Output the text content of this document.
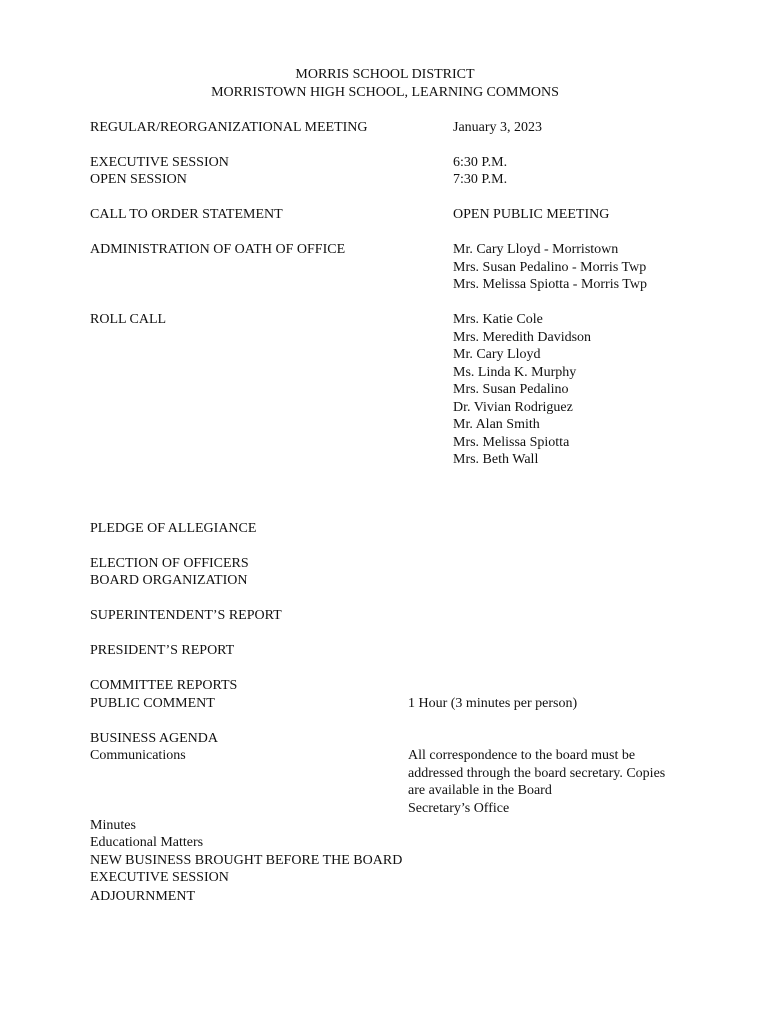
MORRIS SCHOOL DISTRICT
MORRISTOWN HIGH SCHOOL, LEARNING COMMONS
REGULAR/REORGANIZATIONAL MEETING	January 3, 2023
EXECUTIVE SESSION	6:30 P.M.
OPEN SESSION	7:30 P.M.
CALL TO ORDER STATEMENT	OPEN PUBLIC MEETING
ADMINISTRATION OF OATH OF OFFICE	Mr. Cary Lloyd - Morristown
Mrs. Susan Pedalino - Morris Twp
Mrs. Melissa Spiotta - Morris Twp
ROLL CALL	Mrs. Katie Cole
Mrs. Meredith Davidson
Mr. Cary Lloyd
Ms. Linda K. Murphy
Mrs. Susan Pedalino
Dr. Vivian Rodriguez
Mr. Alan Smith
Mrs. Melissa Spiotta
Mrs. Beth Wall
PLEDGE OF ALLEGIANCE
ELECTION OF OFFICERS
BOARD ORGANIZATION
SUPERINTENDENT’S REPORT
PRESIDENT’S REPORT
COMMITTEE REPORTS
PUBLIC COMMENT	1 Hour (3 minutes per person)
BUSINESS AGENDA
Communications	All correspondence to the board must be
addressed through the board secretary. Copies
are available in the Board
Secretary’s Office
Minutes
Educational Matters
NEW BUSINESS BROUGHT BEFORE THE BOARD
EXECUTIVE SESSION
ADJOURNMENT
